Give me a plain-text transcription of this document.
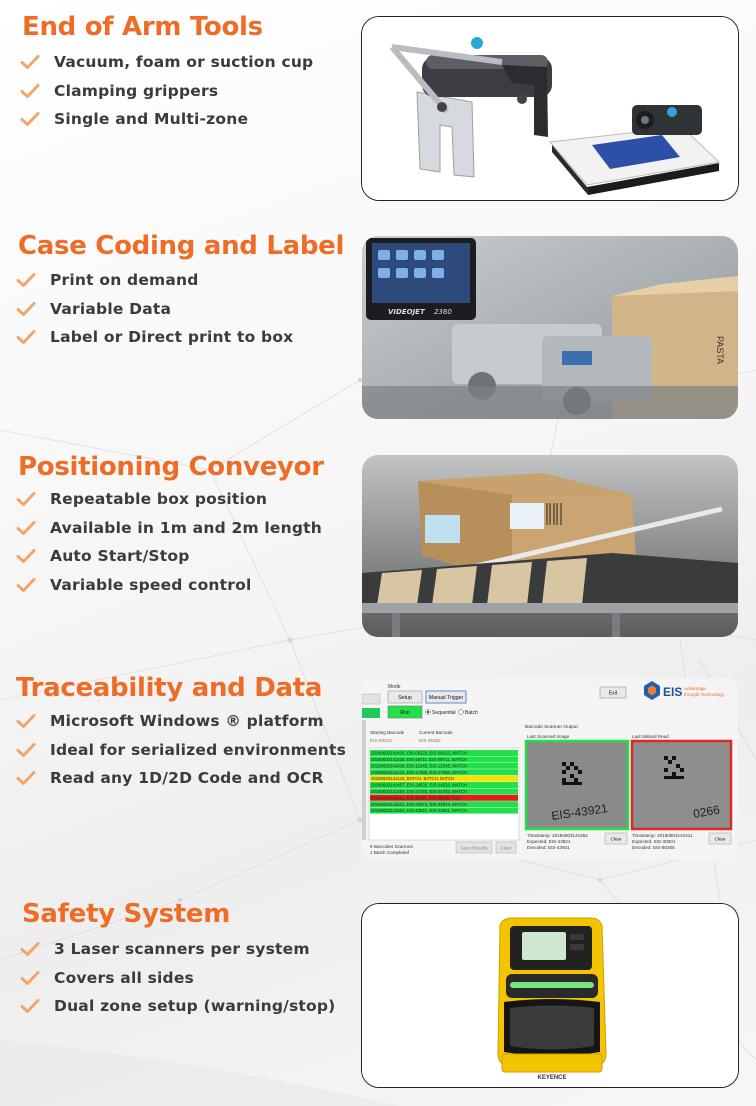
End of Arm Tools
Vacuum, foam or suction cup
Clamping grippers
Single and Multi-zone
Case Coding and Label
Print on demand
Variable Data
Label or Direct print to box	PASTA
VIDEOJET 2380
Positioning Conveyor
Repeatable box position
Available in 1m and 2m length
Auto Start/Stop
Variable speed control
Traceability and Data
Microsoft Windows ® platform
Ideal for serialized environments
Read any 1D/2D Code and OCR
Mode
Setup	Manual Trigger
Run	Sequential Batch
Exit	EIS Advantage
through Technology
Starting Barcode	Current Barcode
EIS-09223	EIS-45362
20190603141433, EIS-09223, EIS-09223, MATCH
20190603141436, EIS-49711, EIS-09711, MATCH
20190603141438, EIS-12345, EIS-12345, MATCH
20190603141441, EIS-17385, EIS-17385, MATCH
20190603141442, BATCH, BATCH, BATCH
20190603141457, EIS-24532, EIS-24532, MATCH
20190603141459, EIS-24783, EIS-24783, MATCH
20190603141511, EIS-30001, EIS-80266, FAIL
20190603141531, EIS-32974, EIS-32974, MATCH
20190603141552, EIS-43921, EIS-43921, MATCH
9 Barcodes Scanned
1 Batch Completed
Save Results	Clear
Barcode Scanner Output
Last Scanned Image	Last Missed Read
EIS-43921	0266
Timestamp: 20190603141552
Expected: EIS-43921
Decoded: EIS-43921
Clear
Timestamp: 20190603141511
Expected: EIS-30001
Decoded: EIS-80266
Clear
Safety System
3 Laser scanners per system
Covers all sides
Dual zone setup (warning/stop)
KEYENCE
